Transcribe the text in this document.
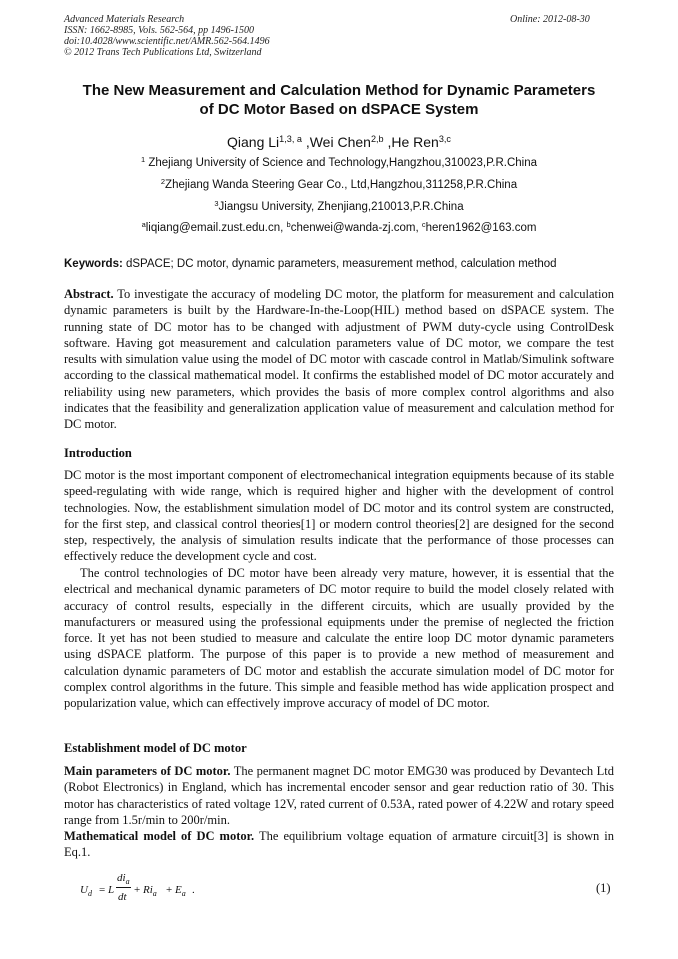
Advanced Materials Research
ISSN: 1662-8985, Vols. 562-564, pp 1496-1500
doi:10.4028/www.scientific.net/AMR.562-564.1496
© 2012 Trans Tech Publications Ltd, Switzerland
Online: 2012-08-30
The New Measurement and Calculation Method for Dynamic Parameters
of DC Motor Based on dSPACE System
Qiang Li$^{1,3, a}$ ,Wei Chen$^{2,b}$ ,He Ren$^{3,c}$
$^1$ Zhejiang University of Science and Technology,Hangzhou,310023,P.R.China
$^2$Zhejiang Wanda Steering Gear Co., Ltd,Hangzhou,311258,P.R.China
$^3$Jiangsu University, Zhenjiang,210013,P.R.China
$^a$liqiang@email.zust.edu.cn, $^b$chenwei@wanda-zj.com, $^c$heren1962@163.com
Keywords: dSPACE; DC motor, dynamic parameters, measurement method, calculation method

Abstract. To investigate the accuracy of modeling DC motor, the platform for measurement and calculation dynamic parameters is built by the Hardware-In-the-Loop(HIL) method based on dSPACE system. The running state of DC motor has to be changed with adjustment of PWM duty-cycle using ControlDesk software. Having got measurement and calculation parameters value of DC motor, we compare the test results with simulation value using the model of DC motor with cascade control in Matlab/Simulink software according to the classical mathematical model. It confirms the established model of DC motor accurately and reliability using new parameters, which provides the basis of more complex control algorithms and also indicates that the feasibility and generalization application value of measurement and calculation method for DC motor.

Introduction

DC motor is the most important component of electromechanical integration equipments because of its stable speed-regulating with wide range, which is required higher and higher with the development of control technologies. Now, the establishment simulation model of DC motor and its control system are constructed, for the first step, and classical control theories[1] or modern control theories[2] are designed for the second step, respectively, the analysis of simulation results indicate that the performance of those processes can effectively reduce the development cycle and cost.

The control technologies of DC motor have been already very mature, however, it is essential that the electrical and mechanical dynamic parameters of DC motor require to build the model closely related with accuracy of control results, especially in the different circuits, which are usually provided by the manufacturers or measured using the professional equipments under the premise of neglected the friction force. It yet has not been studied to measure and calculate the entire loop DC motor dynamic parameters using dSPACE platform. The purpose of this paper is to provide a new method of measurement and calculation dynamic parameters of DC motor and establish the accurate simulation model of DC motor for complex control algorithms in the future. This simple and feasible method has wide application prospect and popularization value, which can effectively improve accuracy of model of DC motor.

Establishment model of DC motor

Main parameters of DC motor. The permanent magnet DC motor EMG30 was produced by Devantech Ltd (Robot Electronics) in England, which has incremental encoder sensor and gear reduction ratio of 30. This motor has characteristics of rated voltage 12V, rated current of 0.53A, rated power of 4.22W and rotary speed range from 1.5r/min to 200r/min.

Mathematical model of DC motor. The equilibrium voltage equation of armature circuit[3] is shown in Eq.1.

$U_d = L$
$di_a$
dt
+ $Ri_a + E_a$ .	(1)
